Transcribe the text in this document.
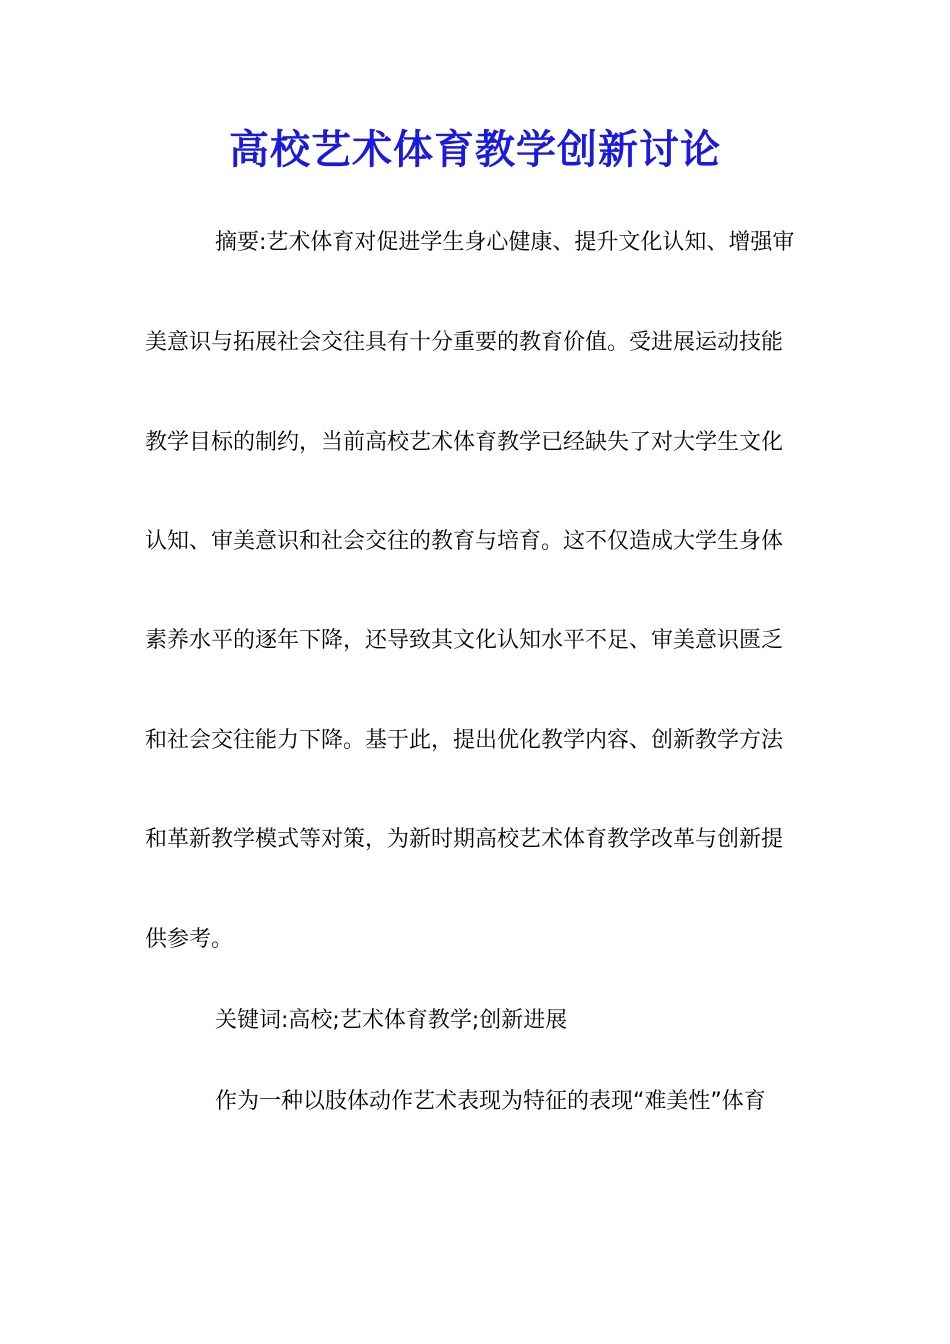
高校艺术体育教学创新讨论

摘要:艺术体育对促进学生身心健康、提升文化认知、增强审

美意识与拓展社会交往具有十分重要的教育价值。受进展运动技能

教学目标的制约，当前高校艺术体育教学已经缺失了对大学生文化

认知、审美意识和社会交往的教育与培育。这不仅造成大学生身体

素养水平的逐年下降，还导致其文化认知水平不足、审美意识匮乏

和社会交往能力下降。基于此，提出优化教学内容、创新教学方法

和革新教学模式等对策，为新时期高校艺术体育教学改革与创新提

供参考。

关键词:高校;艺术体育教学;创新进展

作为一种以肢体动作艺术表现为特征的表现“难美性”体育
